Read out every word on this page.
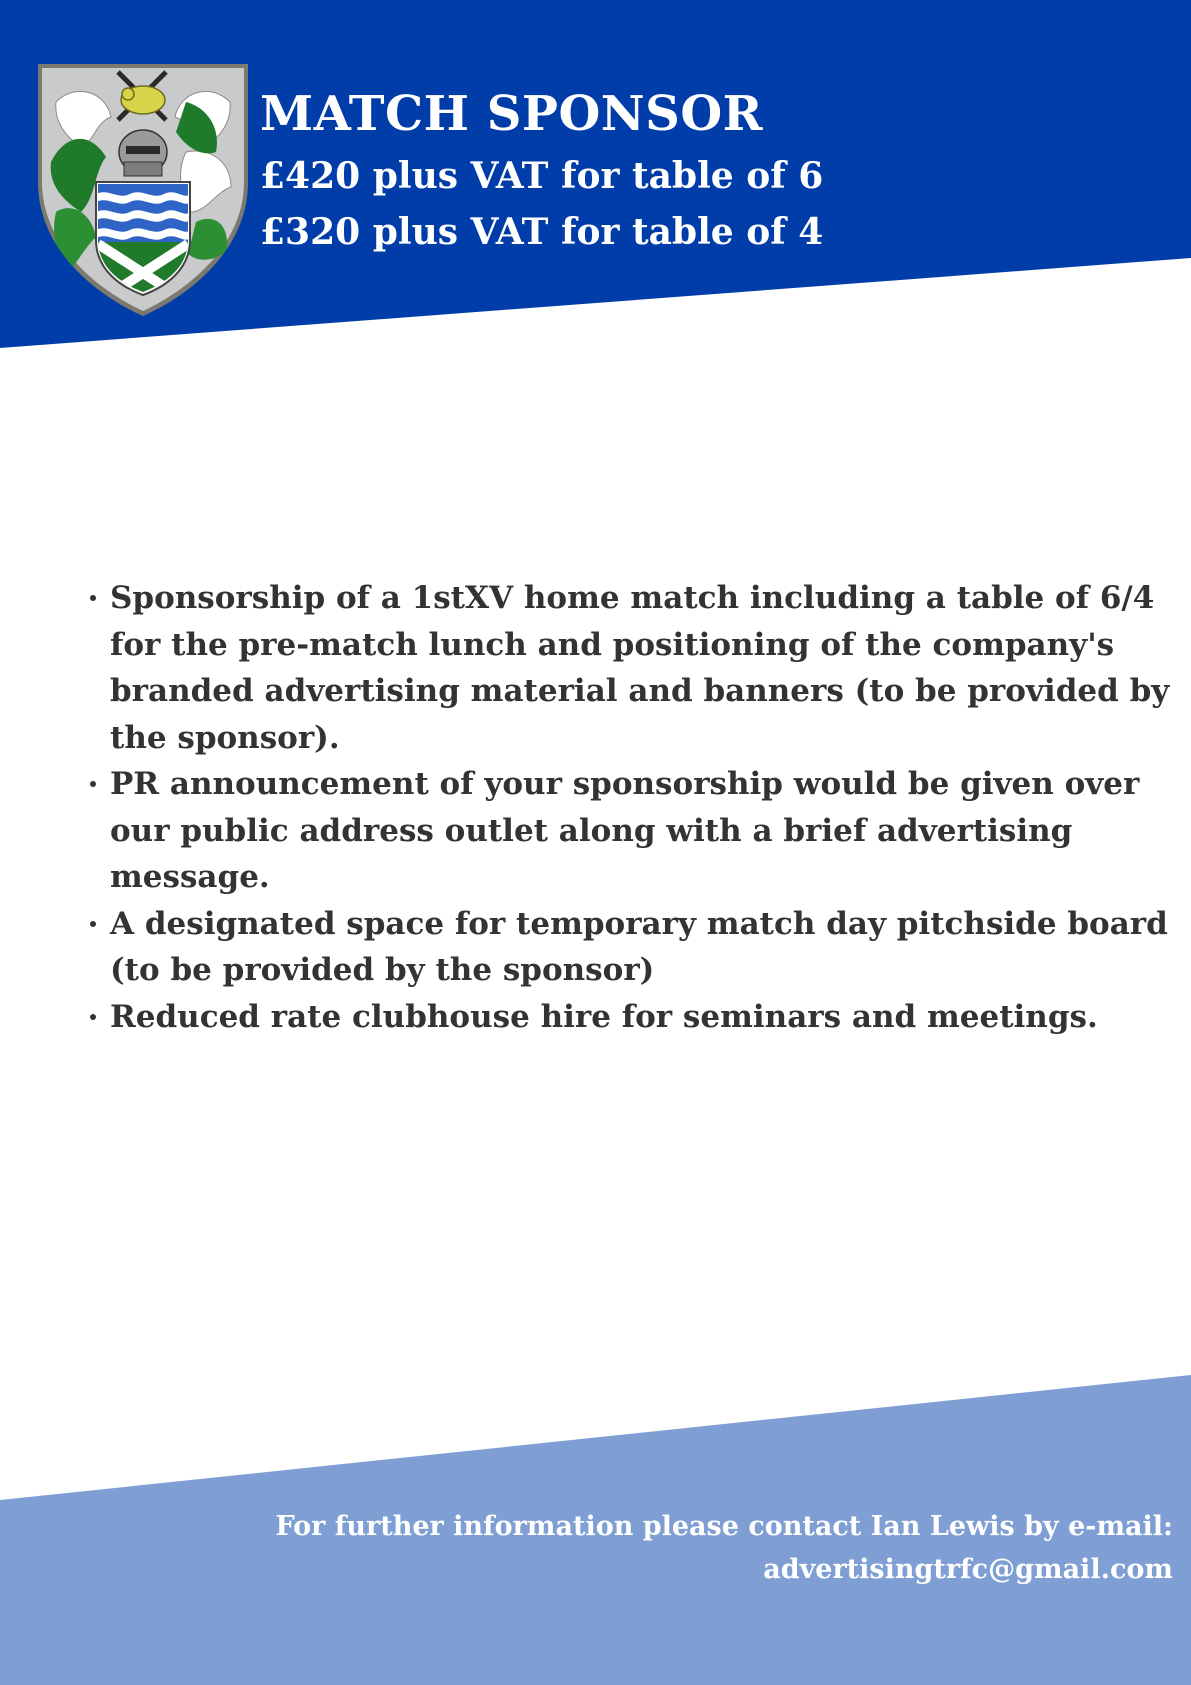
MATCH SPONSOR
£420 plus VAT for table of 6
£320 plus VAT for table of 4
Sponsorship of a 1stXV home match including a table of 6/4 for the pre-match lunch and positioning of the company's branded advertising material and banners (to be provided by the sponsor).
PR announcement of your sponsorship would be given over our public address outlet along with a brief advertising message.
A designated space for temporary match day pitchside board (to be provided by the sponsor)
Reduced rate clubhouse hire for seminars and meetings.
For further information please contact Ian Lewis by e-mail:
advertisingtrfc@gmail.com
